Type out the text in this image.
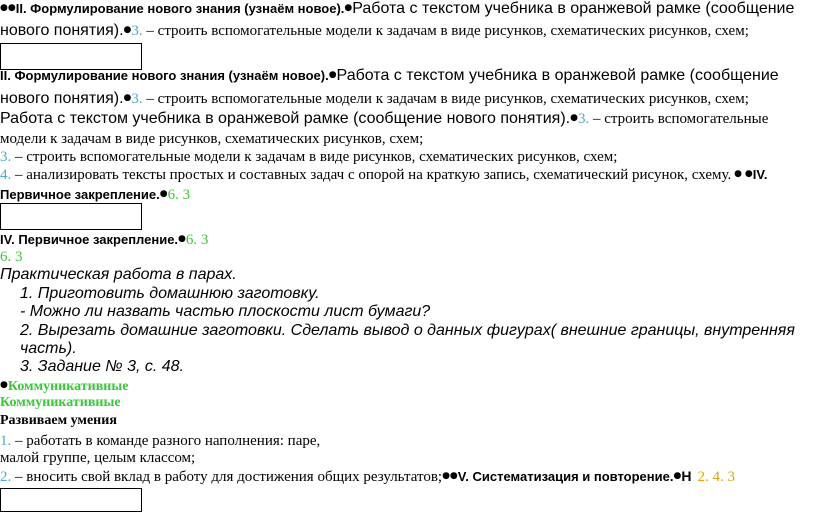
●●II. Формулирование нового знания (узнаём новое).●Работа с текстом учебника в оранжевой рамке (сообщение
нового понятия).●3. – строить вспомогательные модели к задачам в виде рисунков, схематических рисунков, схем;
II. Формулирование нового знания (узнаём новое).●Работа с текстом учебника в оранжевой рамке (сообщение
нового понятия).●3. – строить вспомогательные модели к задачам в виде рисунков, схематических рисунков, схем;
Работа с текстом учебника в оранжевой рамке (сообщение нового понятия).●3. – строить вспомогательные
модели к задачам в виде рисунков, схематических рисунков, схем;
3. – строить вспомогательные модели к задачам в виде рисунков, схематических рисунков, схем;
4. – анализировать тексты простых и составных задач с опорой на краткую запись, схематический рисунок, схему. ● ●IV.
Первичное закрепление.●6. 3
IV. Первичное закрепление.●6. 3
6. 3
Практическая работа в парах.
1. Приготовить домашнюю заготовку.
- Можно ли назвать частью плоскости лист бумаги?
2. Вырезать домашние заготовки. Сделать вывод о данных фигурах( внешние границы, внутренняя
часть).
3. Задание № 3, с. 48.
●Коммуникативные
Коммуникативные
Развиваем умения
1. – работать в команде разного наполнения: паре,
малой группе, целым классом;
2. – вносить свой вклад в работу для достижения общих результатов;●●V. Систематизация и повторение.●Н 2. 4. 3
